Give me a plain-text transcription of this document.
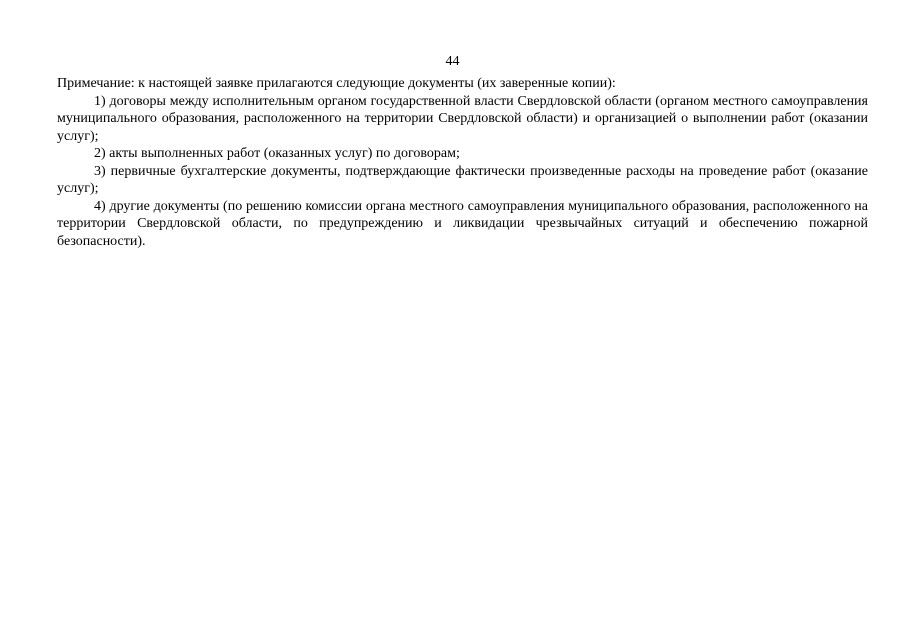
44

Примечание: к настоящей заявке прилагаются следующие документы (их заверенные копии):

1) договоры между исполнительным органом государственной власти Свердловской области (органом местного самоуправления муниципального образования, расположенного на территории Свердловской области) и организацией о выполнении работ (оказании услуг);

2) акты выполненных работ (оказанных услуг) по договорам;

3) первичные бухгалтерские документы, подтверждающие фактически произведенные расходы на проведение работ (оказание услуг);

4) другие документы (по решению комиссии органа местного самоуправления муниципального образования, расположенного на территории Свердловской области, по предупреждению и ликвидации чрезвычайных ситуаций и обеспечению пожарной безопасности).
